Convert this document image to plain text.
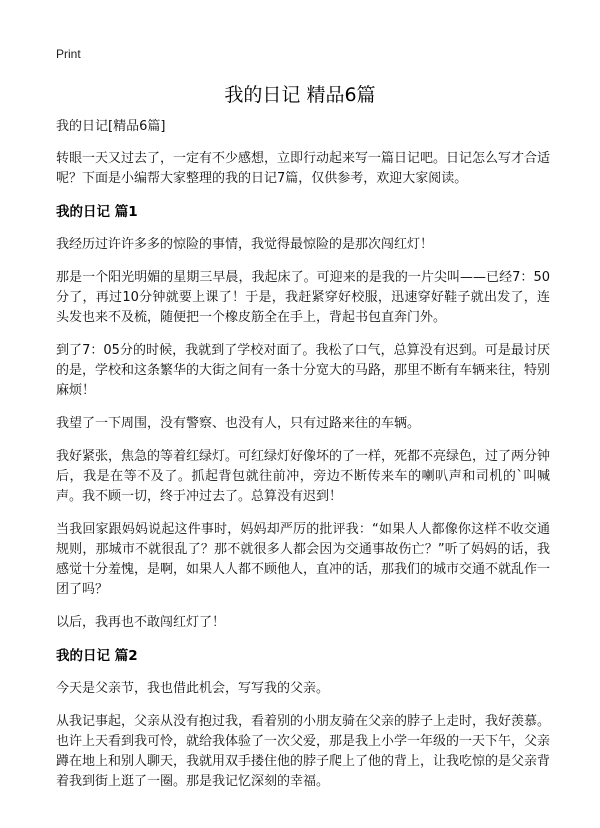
Print
我的日记 精品6篇

我的日记[精品6篇]

转眼一天又过去了，一定有不少感想，立即行动起来写一篇日记吧。日记怎么写才合适呢？下面是小编帮大家整理的我的日记7篇，仅供参考，欢迎大家阅读。

我的日记 篇1

我经历过许许多多的惊险的事情，我觉得最惊险的是那次闯红灯！

那是一个阳光明媚的星期三早晨，我起床了。可迎来的是我的一片尖叫——已经7：50分了，再过10分钟就要上课了！于是，我赶紧穿好校服，迅速穿好鞋子就出发了，连头发也来不及梳，随便把一个橡皮筋全在手上，背起书包直奔门外。

到了7：05分的时候，我就到了学校对面了。我松了口气，总算没有迟到。可是最讨厌的是，学校和这条繁华的大街之间有一条十分宽大的马路，那里不断有车辆来往，特别麻烦！

我望了一下周围，没有警察、也没有人，只有过路来往的车辆。

我好紧张，焦急的等着红绿灯。可红绿灯好像坏的了一样，死都不亮绿色，过了两分钟后，我是在等不及了。抓起背包就往前冲，旁边不断传来车的喇叭声和司机的`叫喊声。我不顾一切，终于冲过去了。总算没有迟到！

当我回家跟妈妈说起这件事时，妈妈却严厉的批评我：“如果人人都像你这样不收交通规则，那城市不就很乱了？那不就很多人都会因为交通事故伤亡？”听了妈妈的话，我感觉十分羞愧，是啊，如果人人都不顾他人，直冲的话，那我们的城市交通不就乱作一团了吗？

以后，我再也不敢闯红灯了！

我的日记 篇2

今天是父亲节，我也借此机会，写写我的父亲。

从我记事起，父亲从没有抱过我，看着别的小朋友骑在父亲的脖子上走时，我好羡慕。也许上天看到我可怜，就给我体验了一次父爱，那是我上小学一年级的一天下午，父亲蹲在地上和别人聊天，我就用双手搂住他的脖子爬上了他的背上，让我吃惊的是父亲背着我到街上逛了一圈。那是我记忆深刻的幸福。
